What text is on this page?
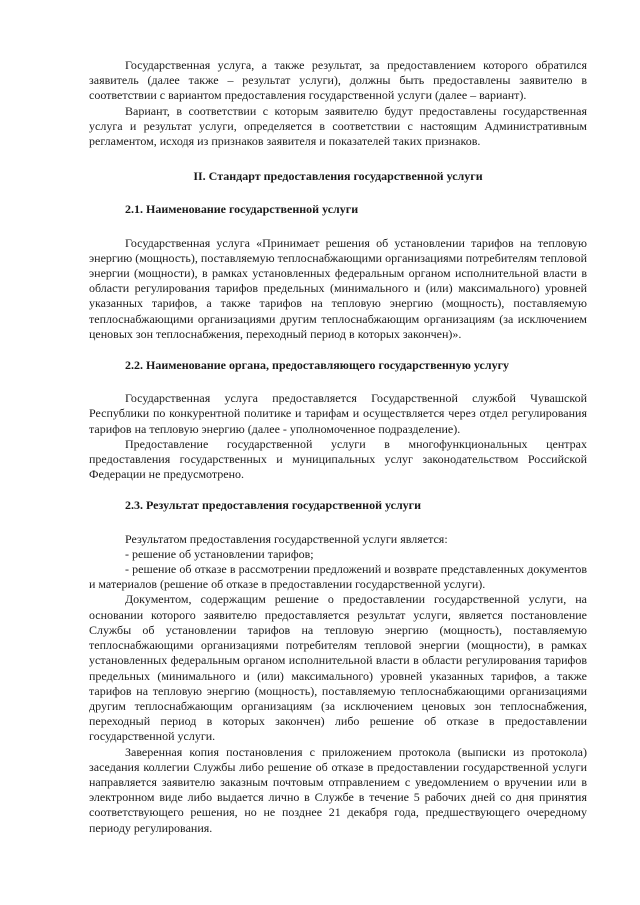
Государственная услуга, а также результат, за предоставлением которого обратился заявитель (далее также – результат услуги), должны быть предоставлены заявителю в соответствии с вариантом предоставления государственной услуги (далее – вариант).

Вариант, в соответствии с которым заявителю будут предоставлены государственная услуга и результат услуги, определяется в соответствии с настоящим Административным регламентом, исходя из признаков заявителя и показателей таких признаков.

II. Стандарт предоставления государственной услуги

2.1. Наименование государственной услуги

Государственная услуга «Принимает решения об установлении тарифов на тепловую энергию (мощность), поставляемую теплоснабжающими организациями потребителям тепловой энергии (мощности), в рамках установленных федеральным органом исполнительной власти в области регулирования тарифов предельных (минимального и (или) максимального) уровней указанных тарифов, а также тарифов на тепловую энергию (мощность), поставляемую теплоснабжающими организациями другим теплоснабжающим организациям (за исключением ценовых зон теплоснабжения, переходный период в которых закончен)».

2.2. Наименование органа, предоставляющего государственную услугу

Государственная услуга предоставляется Государственной службой Чувашской Республики по конкурентной политике и тарифам и осуществляется через отдел регулирования тарифов на тепловую энергию (далее - уполномоченное подразделение).

Предоставление государственной услуги в многофункциональных центрах предоставления государственных и муниципальных услуг законодательством Российской Федерации не предусмотрено.

2.3. Результат предоставления государственной услуги

Результатом предоставления государственной услуги является:

- решение об установлении тарифов;

- решение об отказе в рассмотрении предложений и возврате представленных документов и материалов (решение об отказе в предоставлении государственной услуги).

Документом, содержащим решение о предоставлении государственной услуги, на основании которого заявителю предоставляется результат услуги, является постановление Службы об установлении тарифов на тепловую энергию (мощность), поставляемую теплоснабжающими организациями потребителям тепловой энергии (мощности), в рамках установленных федеральным органом исполнительной власти в области регулирования тарифов предельных (минимального и (или) максимального) уровней указанных тарифов, а также тарифов на тепловую энергию (мощность), поставляемую теплоснабжающими организациями другим теплоснабжающим организациям (за исключением ценовых зон теплоснабжения, переходный период в которых закончен) либо решение об отказе в предоставлении государственной услуги.

Заверенная копия постановления с приложением протокола (выписки из протокола) заседания коллегии Службы либо решение об отказе в предоставлении государственной услуги направляется заявителю заказным почтовым отправлением с уведомлением о вручении или в электронном виде либо выдается лично в Службе в течение 5 рабочих дней со дня принятия соответствующего решения, но не позднее 21 декабря года, предшествующего очередному периоду регулирования.
